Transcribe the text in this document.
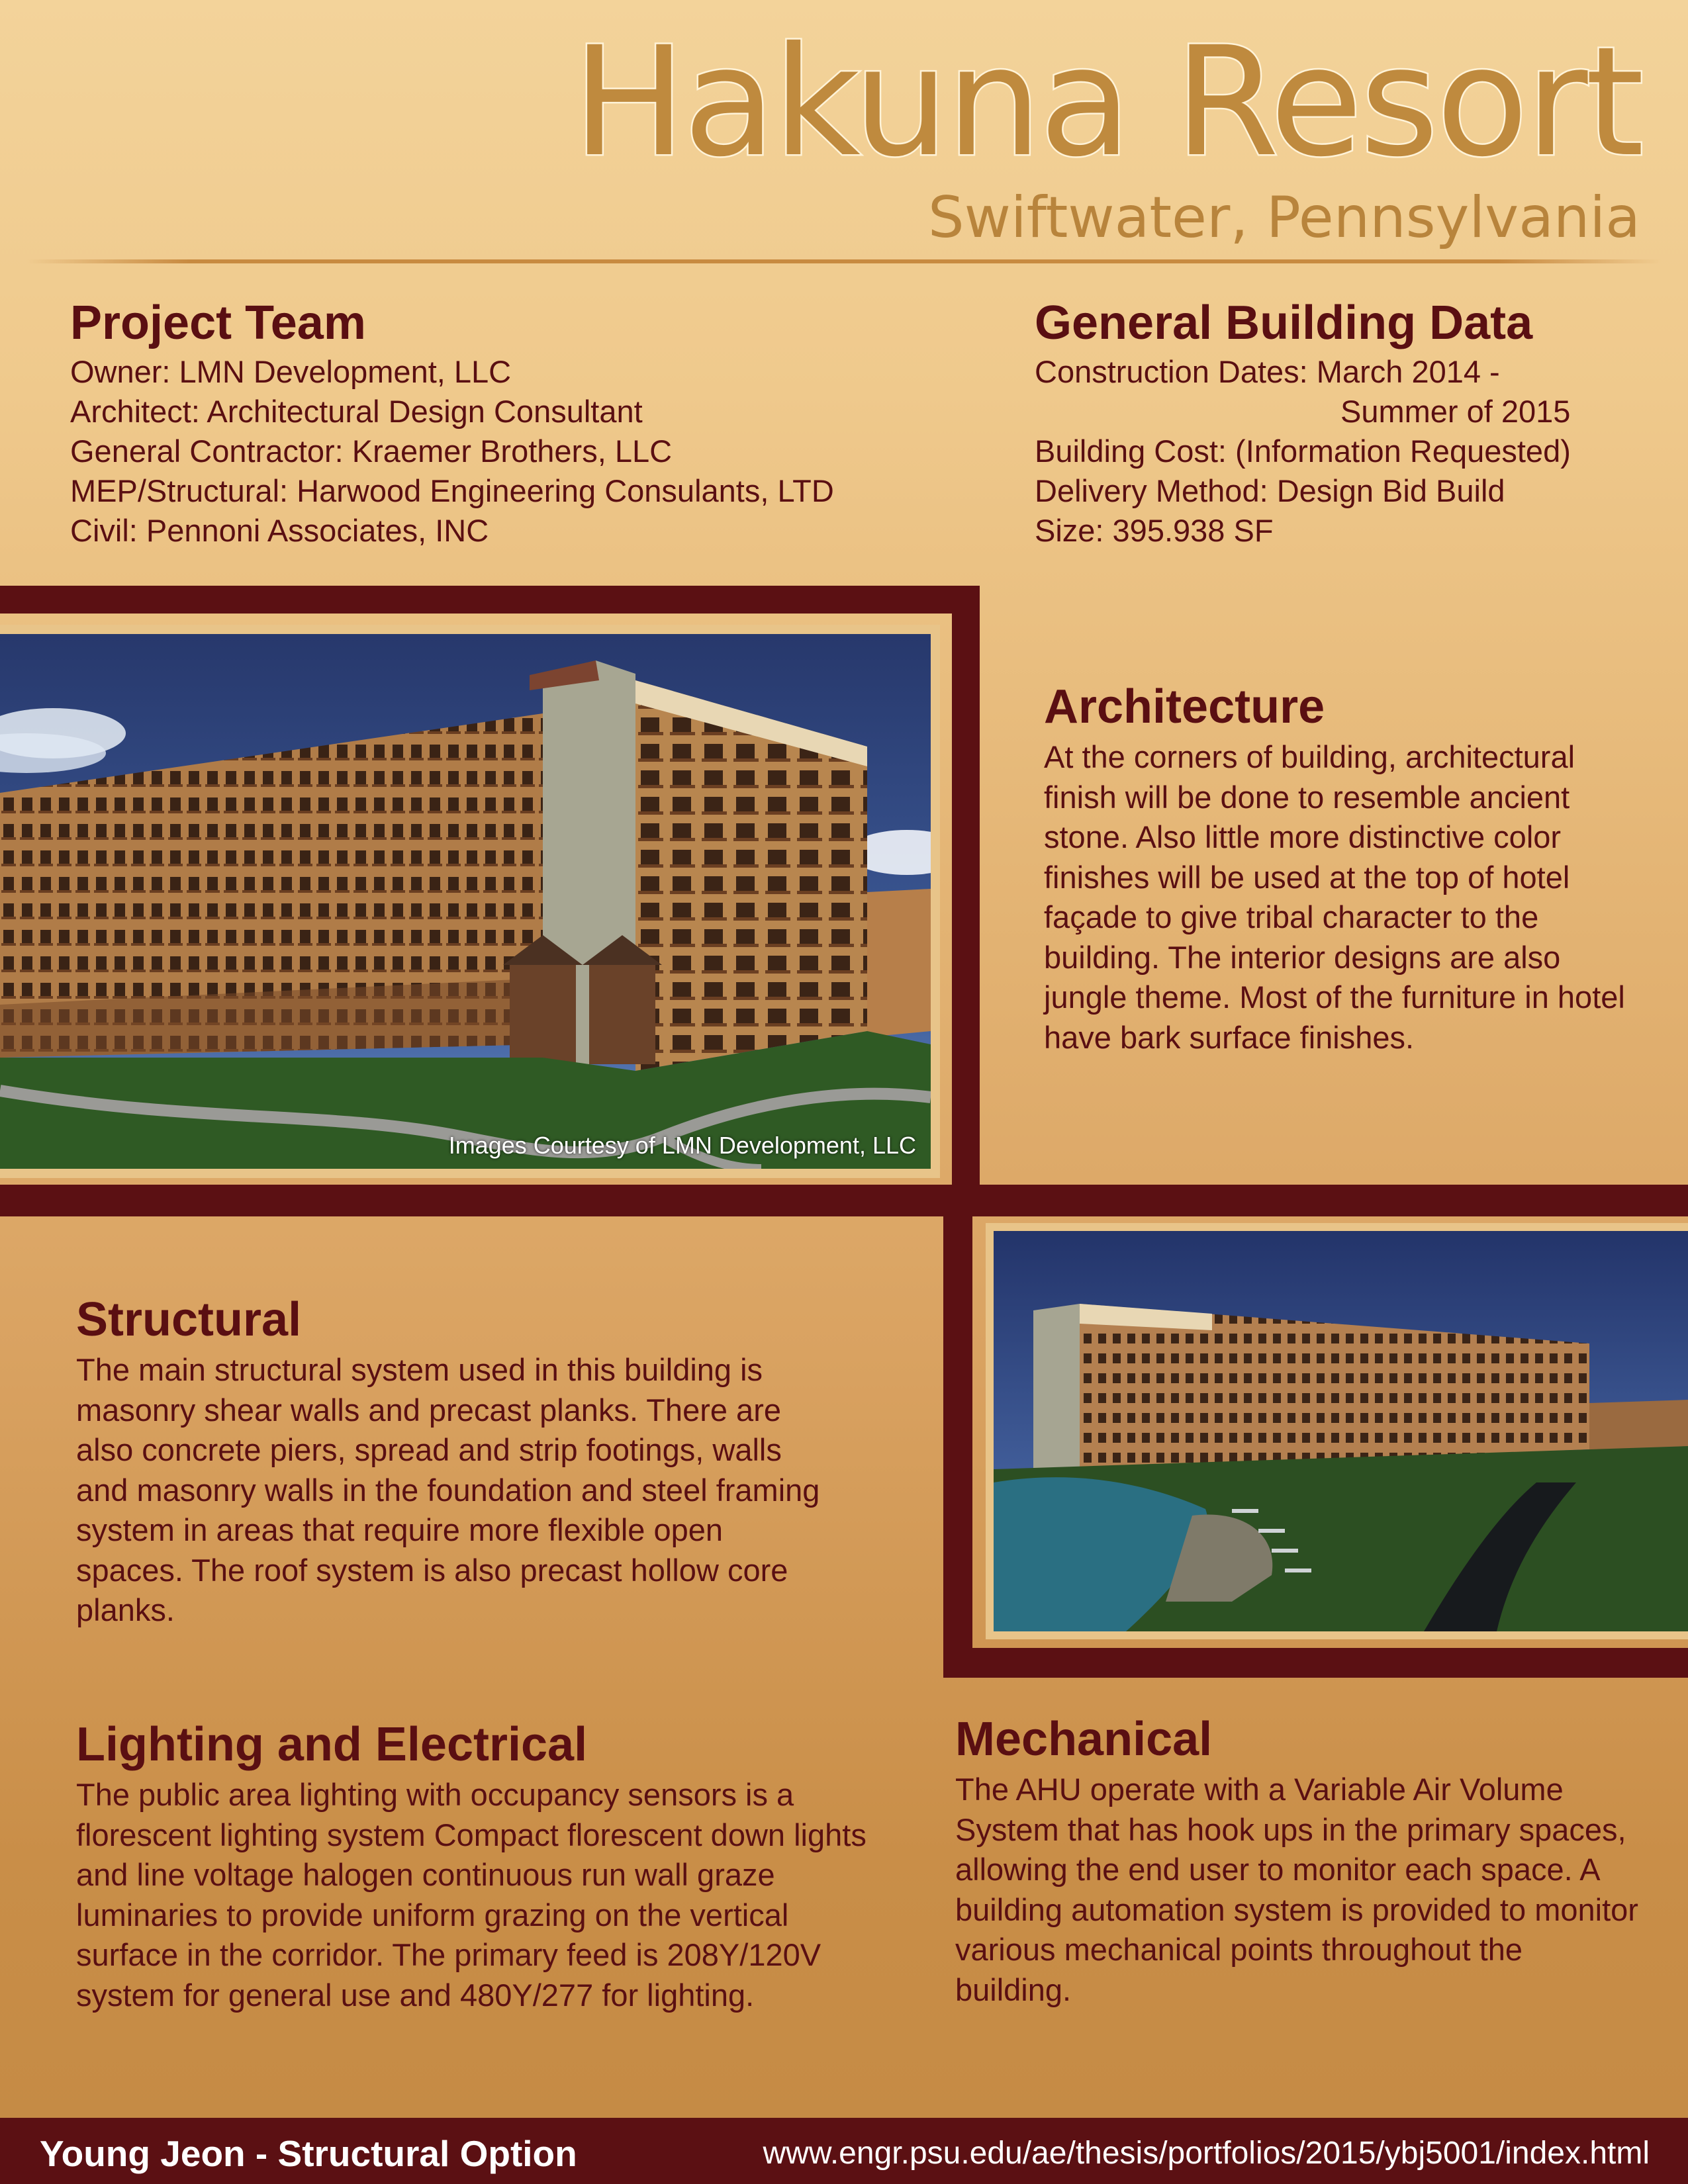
Hakuna Resort
Swiftwater, Pennsylvania
Project Team
Owner: LMN Development, LLC
Architect: Architectural Design Consultant
General Contractor: Kraemer Brothers, LLC
MEP/Structural: Harwood Engineering Consulants, LTD
Civil: Pennoni Associates, INC
General Building Data
Construction Dates: March 2014 -
Summer of 2015
Building Cost: (Information Requested)
Delivery Method: Design Bid Build
Size: 395.938 SF
Images Courtesy of LMN Development, LLC
Architecture

At the corners of building, architectural finish will be done to resemble ancient stone. Also little more distinctive color finishes will be used at the top of hotel façade to give tribal character to the building. The interior designs are also jungle theme. Most of the furniture in hotel have bark surface finishes.

Structural

The main structural system used in this building is masonry shear walls and precast planks. There are also concrete piers, spread and strip footings, walls and masonry walls in the foundation and steel framing system in areas that require more flexible open spaces. The roof system is also precast hollow core planks.

Lighting and Electrical

The public area lighting with occupancy sensors is a florescent lighting system Compact florescent down lights and line voltage halogen continuous run wall graze luminaries to provide uniform grazing on the vertical surface in the corridor. The primary feed is 208Y/120V system for general use and 480Y/277 for lighting.

Mechanical

The AHU operate with a Variable Air Volume System that has hook ups in the primary spaces, allowing the end user to monitor each space. A building automation system is provided to monitor various mechanical points throughout the building.

Young Jeon - Structural Option	www.engr.psu.edu/ae/thesis/portfolios/2015/ybj5001/index.html
